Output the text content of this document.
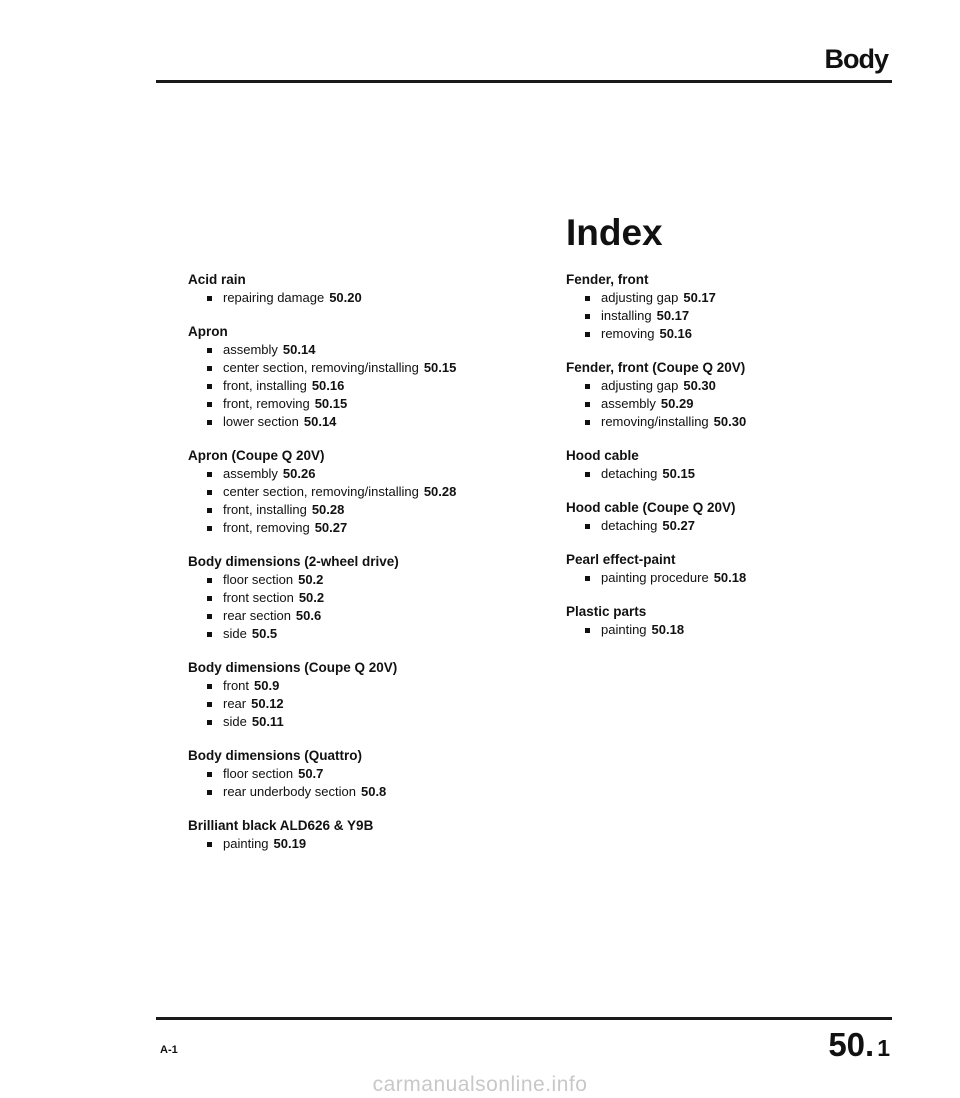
Body
Index
Acid rain
repairing damage 50.20
Apron
assembly 50.14
center section, removing/installing 50.15
front, installing 50.16
front, removing 50.15
lower section 50.14
Apron (Coupe Q 20V)
assembly 50.26
center section, removing/installing 50.28
front, installing 50.28
front, removing 50.27
Body dimensions (2-wheel drive)
floor section 50.2
front section 50.2
rear section 50.6
side 50.5
Body dimensions (Coupe Q 20V)
front 50.9
rear 50.12
side 50.11
Body dimensions (Quattro)
floor section 50.7
rear underbody section 50.8
Brilliant black ALD626 & Y9B
painting 50.19
Fender, front
adjusting gap 50.17
installing 50.17
removing 50.16
Fender, front (Coupe Q 20V)
adjusting gap 50.30
assembly 50.29
removing/installing 50.30
Hood cable
detaching 50.15
Hood cable (Coupe Q 20V)
detaching 50.27
Pearl effect-paint
painting procedure 50.18
Plastic parts
painting 50.18
A-1	50. 1
carmanualsonline.info
